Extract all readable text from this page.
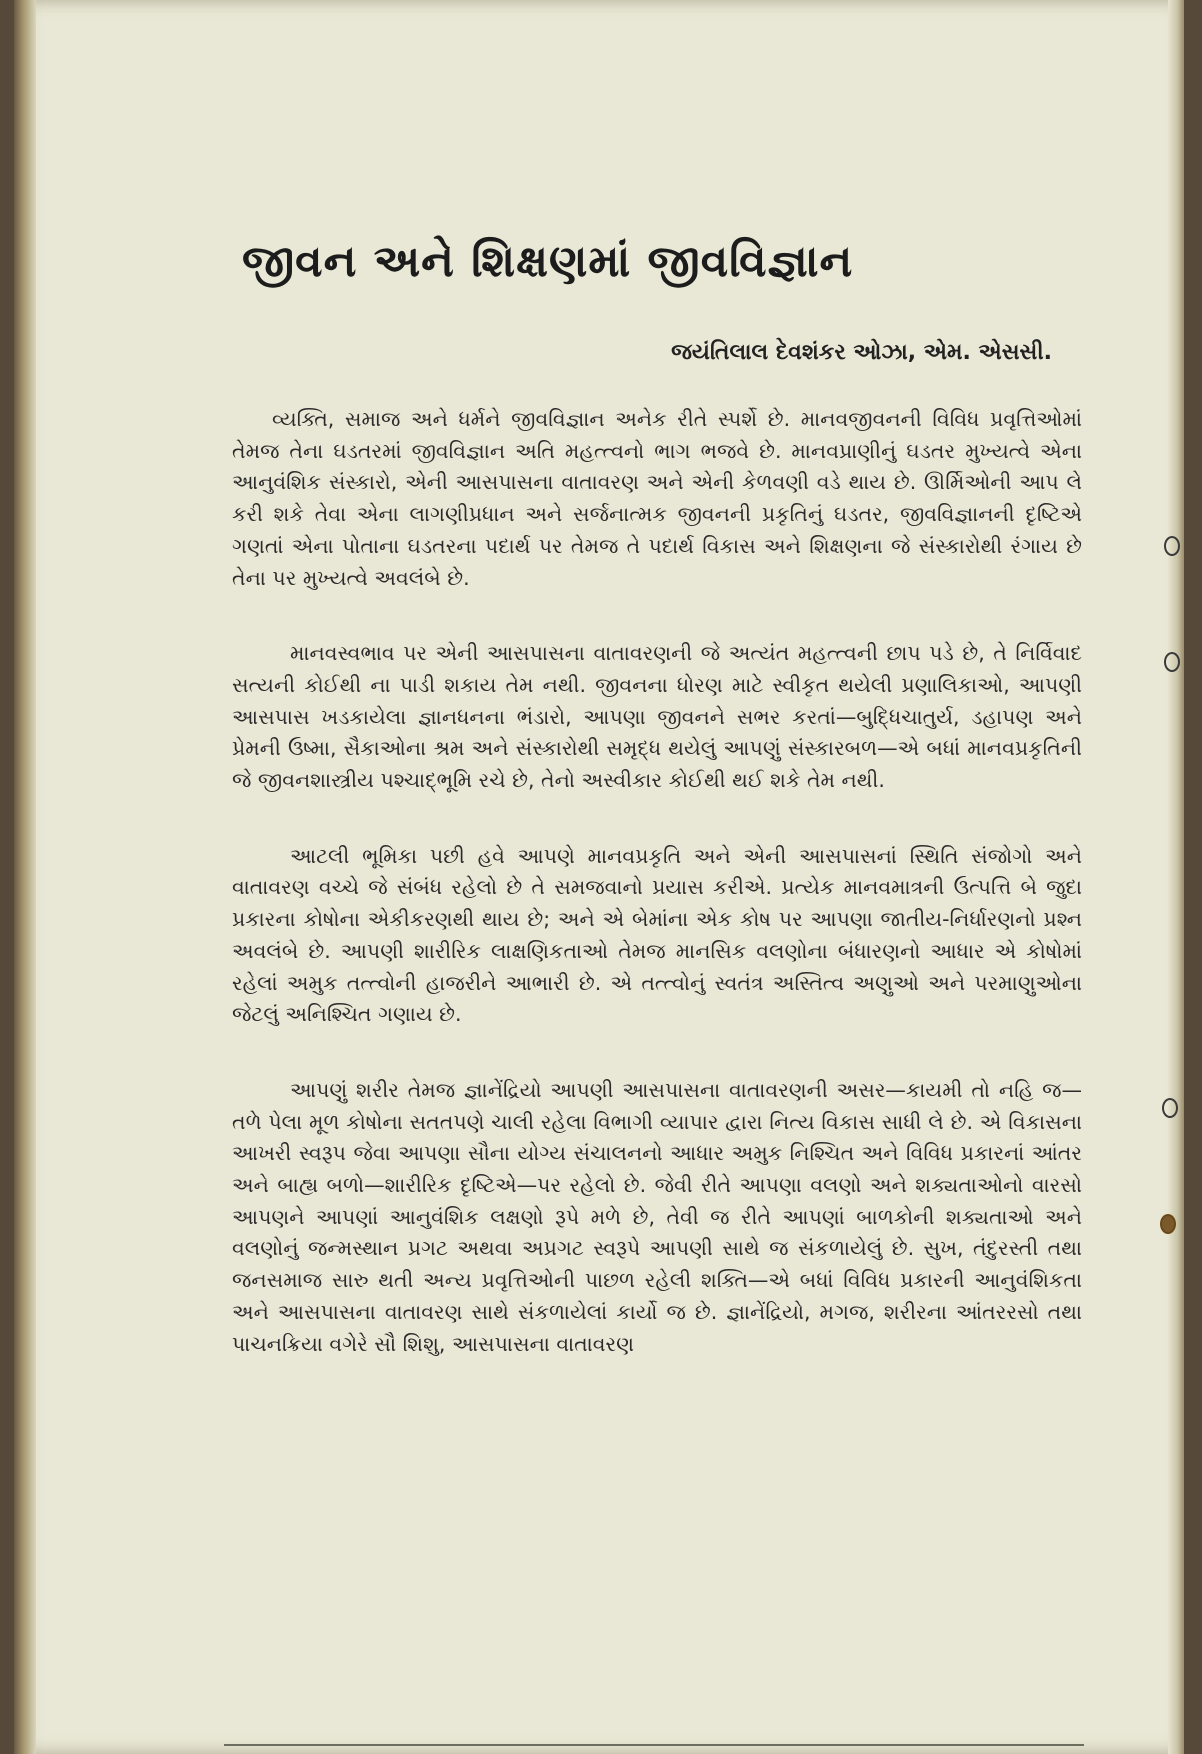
જીવન અને શિક્ષણમાં જીવવિજ્ઞાન
જયંતિલાલ દેવશંકર ઓઝા, એમ. એસસી.

વ્યક્તિ, સમાજ અને ધર્મને જીવવિજ્ઞાન અનેક રીતે સ્પર્શે છે. માનવજીવનની વિવિધ પ્રવૃત્તિઓમાં તેમજ તેના ઘડતરમાં જીવવિજ્ઞાન અતિ મહત્ત્વનો ભાગ ભજવે છે. માનવપ્રાણીનું ઘડતર મુખ્યત્વે એના આનુવંશિક સંસ્કારો, એની આસપાસના વાતાવરણ અને એની કેળવણી વડે થાય છે. ઊર્મિઓની આપ લે કરી શકે તેવા એના લાગણીપ્રધાન અને સર્જનાત્મક જીવનની પ્રકૃતિનું ઘડતર, જીવવિજ્ઞાનની દૃષ્ટિએ ગણતાં એના પોતાના ઘડતરના પદાર્થ પર તેમજ તે પદાર્થ વિકાસ અને શિક્ષણના જે સંસ્કારોથી રંગાય છે તેના પર મુખ્યત્વે અવલંબે છે.

માનવસ્વભાવ પર એની આસપાસના વાતાવરણની જે અત્યંત મહત્ત્વની છાપ પડે છે, તે નિર્વિવાદ સત્યની કોઈથી ના પાડી શકાય તેમ નથી. જીવનના ધોરણ માટે સ્વીકૃત થયેલી પ્રણાલિકાઓ, આપણી આસપાસ ખડકાયેલા જ્ઞાનધનના ભંડારો, આપણા જીવનને સભર કરતાં—બુદ્ધિચાતુર્ય, ડહાપણ અને પ્રેમની ઉષ્મા, સૈકાઓના શ્રમ અને સંસ્કારોથી સમૃદ્ધ થયેલું આપણું સંસ્કારબળ—એ બધાં માનવપ્રકૃતિની જે જીવનશાસ્ત્રીય પશ્ચાદ્‌ભૂમિ રચે છે, તેનો અસ્વીકાર કોઈથી થઈ શકે તેમ નથી.

આટલી ભૂમિકા પછી હવે આપણે માનવપ્રકૃતિ અને એની આસપાસનાં સ્થિતિ સંજોગો અને વાતાવરણ વચ્ચે જે સંબંધ રહેલો છે તે સમજવાનો પ્રયાસ કરીએ. પ્રત્યેક માનવમાત્રની ઉત્પત્તિ બે જુદા પ્રકારના કોષોના એકીકરણથી થાય છે; અને એ બેમાંના એક કોષ પર આપણા જાતીય-નિર્ધારણનો પ્રશ્ન અવલંબે છે. આપણી શારીરિક લાક્ષણિકતાઓ તેમજ માનસિક વલણોના બંધારણનો આધાર એ કોષોમાં રહેલાં અમુક તત્ત્વોની હાજરીને આભારી છે. એ તત્ત્વોનું સ્વતંત્ર અસ્તિત્વ અણુઓ અને પરમાણુઓના જેટલું અનિશ્ચિત ગણાય છે.

આપણું શરીર તેમજ જ્ઞાનેંદ્રિયો આપણી આસપાસના વાતાવરણની અસર—કાયમી તો નહિ જ—તળે પેલા મૂળ કોષોના સતતપણે ચાલી રહેલા વિભાગી વ્યાપાર દ્વારા નિત્ય વિકાસ સાધી લે છે. એ વિકાસના આખરી સ્વરૂપ જેવા આપણા સૌના યોગ્ય સંચાલનનો આધાર અમુક નિશ્ચિત અને વિવિધ પ્રકારનાં આંતર અને બાહ્ય બળો—શારીરિક દૃષ્ટિએ—પર રહેલો છે. જેવી રીતે આપણા વલણો અને શક્યતાઓનો વારસો આપણને આપણાં આનુવંશિક લક્ષણો રૂપે મળે છે, તેવી જ રીતે આપણાં બાળકોની શક્યતાઓ અને વલણોનું જન્મસ્થાન પ્રગટ અથવા અપ્રગટ સ્વરૂપે આપણી સાથે જ સંકળાયેલું છે. સુખ, તંદુરસ્તી તથા જનસમાજ સારુ થતી અન્ય પ્રવૃત્તિઓની પાછળ રહેલી શક્તિ—એ બધાં વિવિધ પ્રકારની આનુવંશિકતા અને આસપાસના વાતાવરણ સાથે સંકળાયેલાં કાર્યો જ છે. જ્ઞાનેંદ્રિયો, મગજ, શરીરના આંતરરસો તથા પાચનક્રિયા વગેરે સૌ શિશુ, આસપાસના વાતાવરણ
